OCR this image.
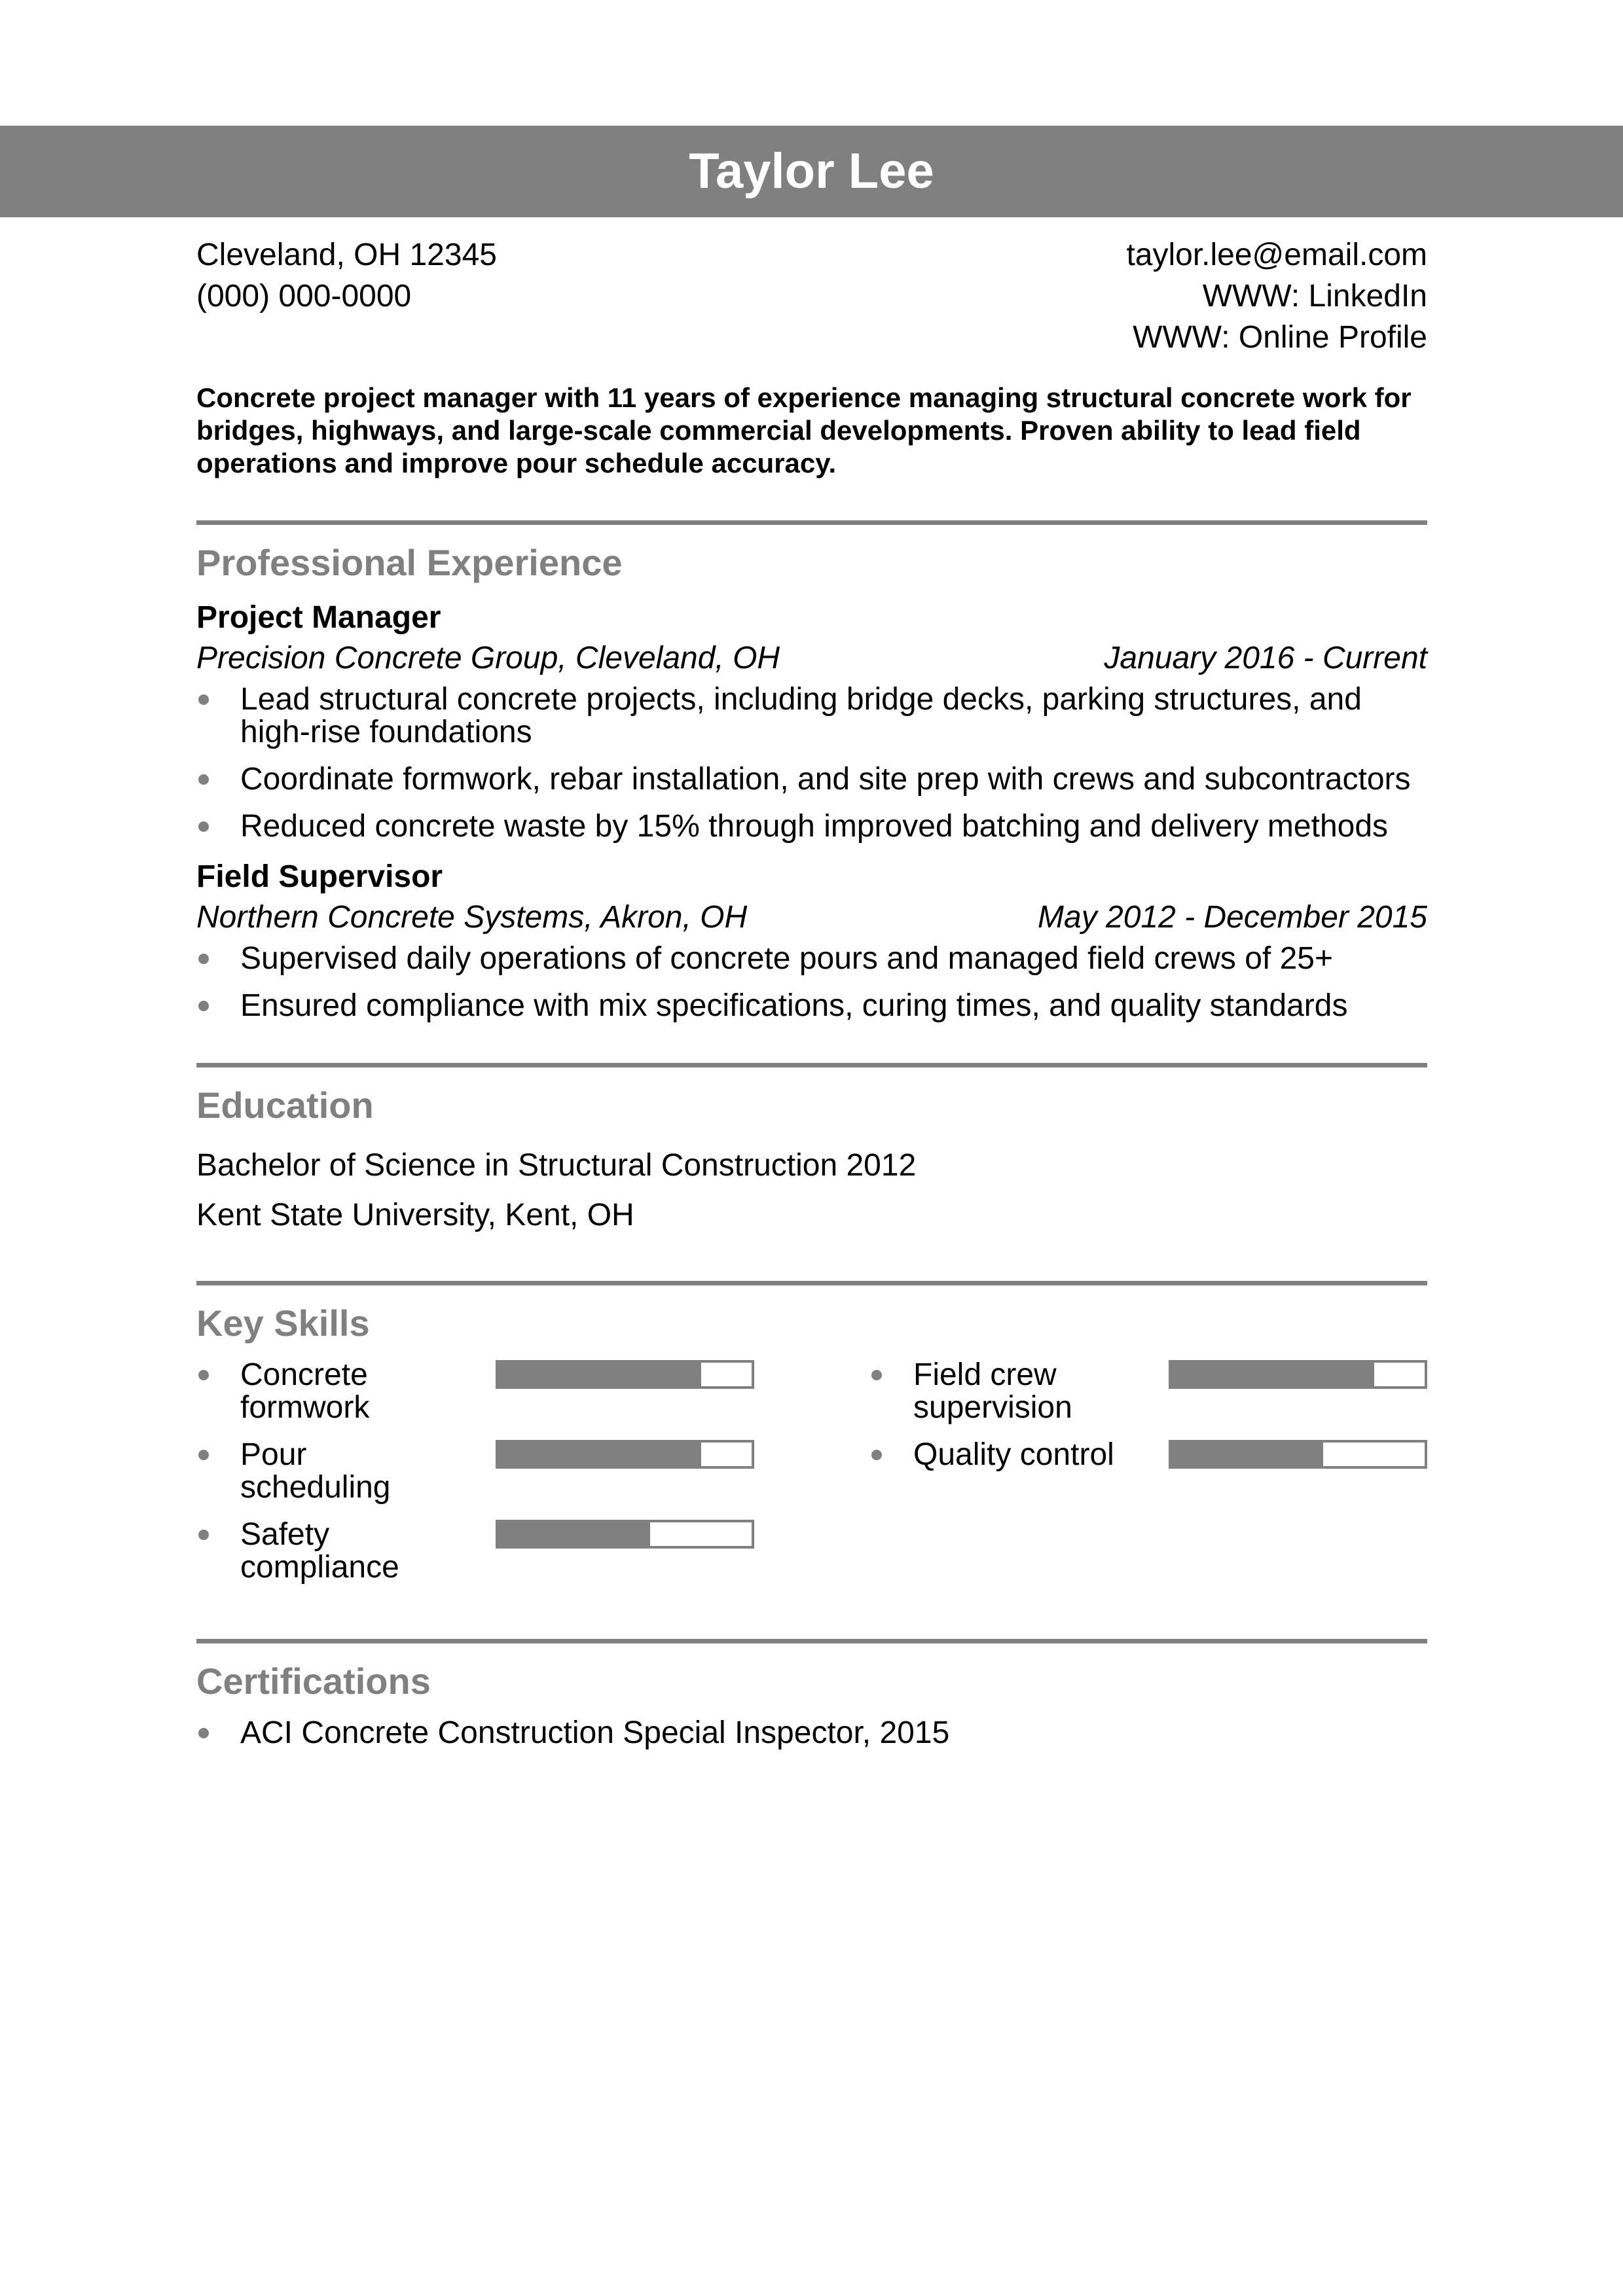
Taylor Lee
Cleveland, OH 12345
(000) 000-0000
taylor.lee@email.com
WWW: LinkedIn
WWW: Online Profile
Concrete project manager with 11 years of experience managing structural concrete work for bridges, highways, and large-scale commercial developments. Proven ability to lead field operations and improve pour schedule accuracy.
Professional Experience
Project Manager
Precision Concrete Group, Cleveland, OH	January 2016 - Current
Lead structural concrete projects, including bridge decks, parking structures, and high-rise foundations
Coordinate formwork, rebar installation, and site prep with crews and subcontractors
Reduced concrete waste by 15% through improved batching and delivery methods
Field Supervisor
Northern Concrete Systems, Akron, OH	May 2012 - December 2015
Supervised daily operations of concrete pours and managed field crews of 25+
Ensured compliance with mix specifications, curing times, and quality standards
Education
Bachelor of Science in Structural Construction 2012
Kent State University, Kent, OH
Key Skills
Concrete formwork
Field crew supervision
Pour scheduling
Quality control
Safety compliance
Certifications
ACI Concrete Construction Special Inspector, 2015
